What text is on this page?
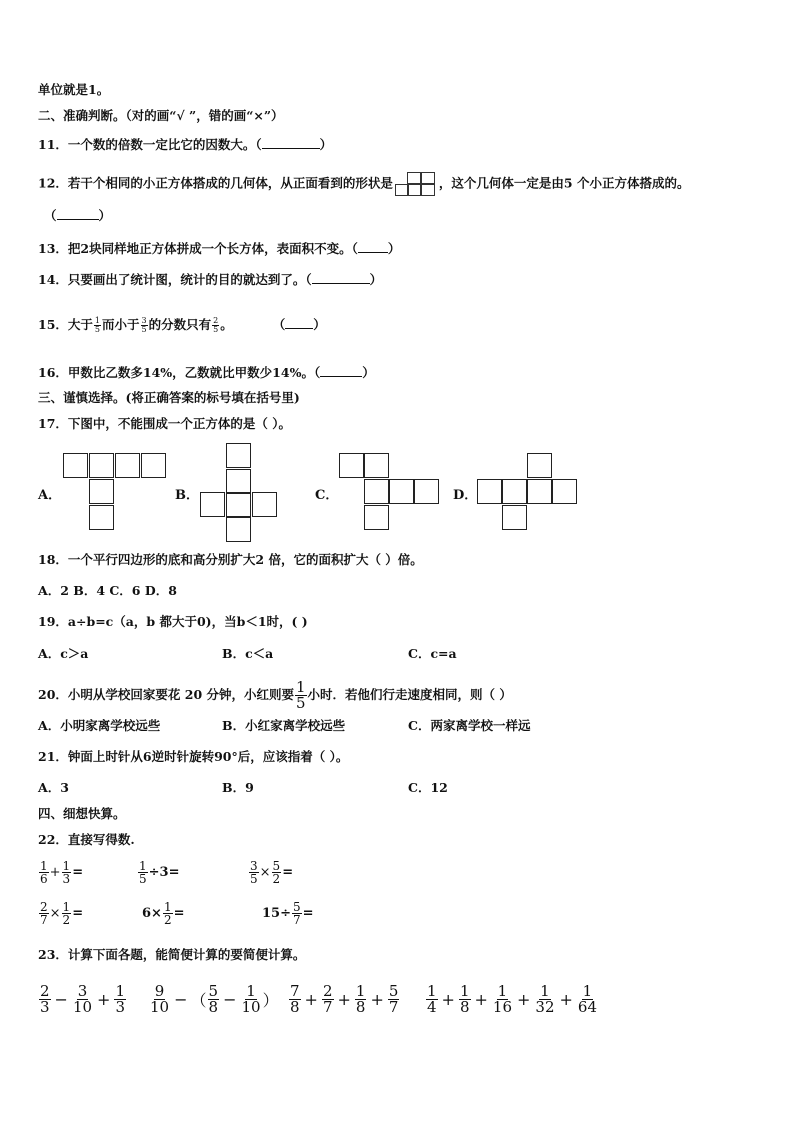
单位就是1。
二、准确判断。（对的画“√ ”，错的画“×”）
11．一个数的倍数一定比它的因数大。（	）
12．若干个相同的小正方体搭成的几何体，从正面看到的形状是	，这个几何体一定是由5 个小正方体搭成的。
（	）
13．把2块同样地正方体拼成一个长方体，表面积不变。（ ）
14．只要画出了统计图，统计的目的就达到了。（	）
15．大于 $\frac{1}{5}$ 而小于 $\frac{3}{5}$ 的分数只有 $\frac{2}{5}$ 。	（ ）
16．甲数比乙数多14%，乙数就比甲数少14%。（	）
三、谨慎选择。(将正确答案的标号填在括号里)
17．下图中，不能围成一个正方体的是（ ）。
A．	B．	C．	D．
18．一个平行四边形的底和高分别扩大2 倍，它的面积扩大（ ）倍。
A．2 B．4 C．6 D．8
19．a÷b=c（a，b 都大于0)，当b＜1时，( )
A．c＞a	B．c＜a	C．c=a
20．小明从学校回家要花 20 分钟，小红则要 $\frac{1}{5}$ 小时．若他们行走速度相同，则（ ）
A．小明家离学校远些	B．小红家离学校远些	C．两家离学校一样远
21．钟面上时针从6逆时针旋转90°后，应该指着（ ）。
A．3	B．9	C．12
四、细想快算。
22．直接写得数.
$\frac{1}{6} + \frac{1}{3}$ =	$\frac{1}{5} \div 3$ =	$\frac{3}{5} \times \frac{5}{2}$ =
$\frac{2}{7} \times \frac{1}{2}$ =	$6\times \frac{1}{2}$ =	$15\div \frac{5}{7}$ =
23．计算下面各题，能简便计算的要简便计算。
$\frac{2}{3} - \frac{3}{10} + \frac{1}{3} \frac{9}{10}$ − （ $\frac{5}{8} - \frac{1}{10}$ ） $\frac{7}{8} + \frac{2}{7} + \frac{1}{8} + \frac{5}{7} \frac{1}{4} + \frac{1}{8} + \frac{1}{16} + \frac{1}{32} + \frac{1}{64}$
